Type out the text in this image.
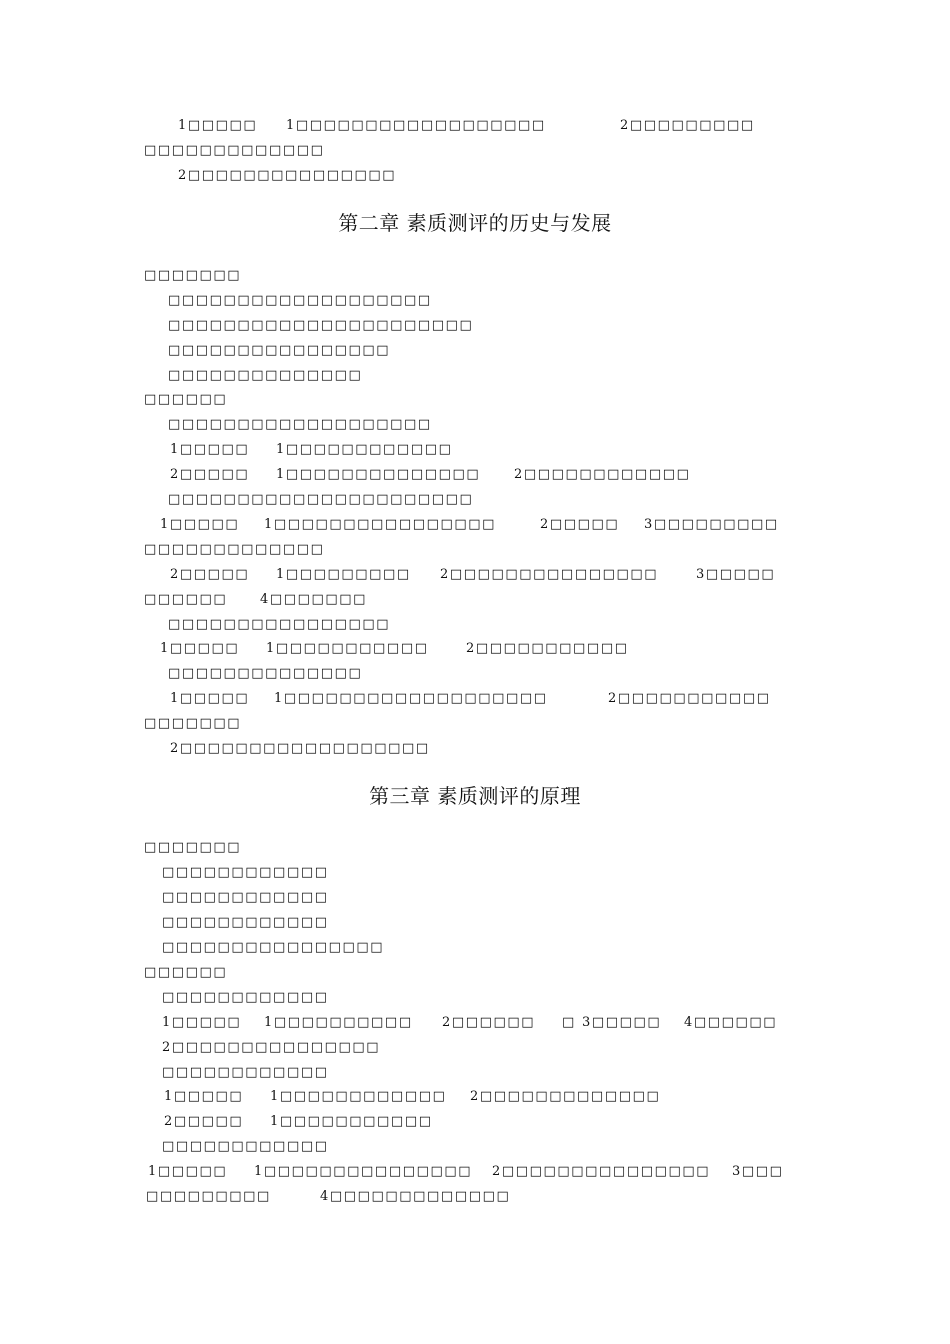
1□□□□□ 1□□□□□□□□□□□□□□□□□□	2□□□□□□□□□
□□□□□□□□□□□□□
2□□□□□□□□□□□□□□□
第二章 素质测评的历史与发展
□□□□□□□
□□□□□□□□□□□□□□□□□□□
□□□□□□□□□□□□□□□□□□□□□□
□□□□□□□□□□□□□□□□
□□□□□□□□□□□□□□
□□□□□□
□□□□□□□□□□□□□□□□□□□
1□□□□□ 1□□□□□□□□□□□□
2□□□□□ 1□□□□□□□□□□□□□□	2□□□□□□□□□□□□
□□□□□□□□□□□□□□□□□□□□□□
1□□□□□ 1□□□□□□□□□□□□□□□□	2□□□□□ 3□□□□□□□□□
□□□□□□□□□□□□□
2□□□□□ 1□□□□□□□□□ 2□□□□□□□□□□□□□□□	3□□□□□
□□□□□□	4□□□□□□□
□□□□□□□□□□□□□□□□
1□□□□□ 1□□□□□□□□□□□	2□□□□□□□□□□□
□□□□□□□□□□□□□□
1□□□□□ 1□□□□□□□□□□□□□□□□□□□	2□□□□□□□□□□□
□□□□□□□
2□□□□□□□□□□□□□□□□□□
第三章 素质测评的原理
□□□□□□□
□□□□□□□□□□□□
□□□□□□□□□□□□
□□□□□□□□□□□□
□□□□□□□□□□□□□□□□
□□□□□□
□□□□□□□□□□□□
1□□□□□ 1□□□□□□□□□□ 2□□□□□□ □ 3□□□□□ 4□□□□□□
2□□□□□□□□□□□□□□□
□□□□□□□□□□□□
1□□□□□ 1□□□□□□□□□□□□ 2□□□□□□□□□□□□□
2□□□□□ 1□□□□□□□□□□□
□□□□□□□□□□□□
1□□□□□ 1□□□□□□□□□□□□□□□ 2□□□□□□□□□□□□□□□ 3□□□
□□□□□□□□□	4□□□□□□□□□□□□□
